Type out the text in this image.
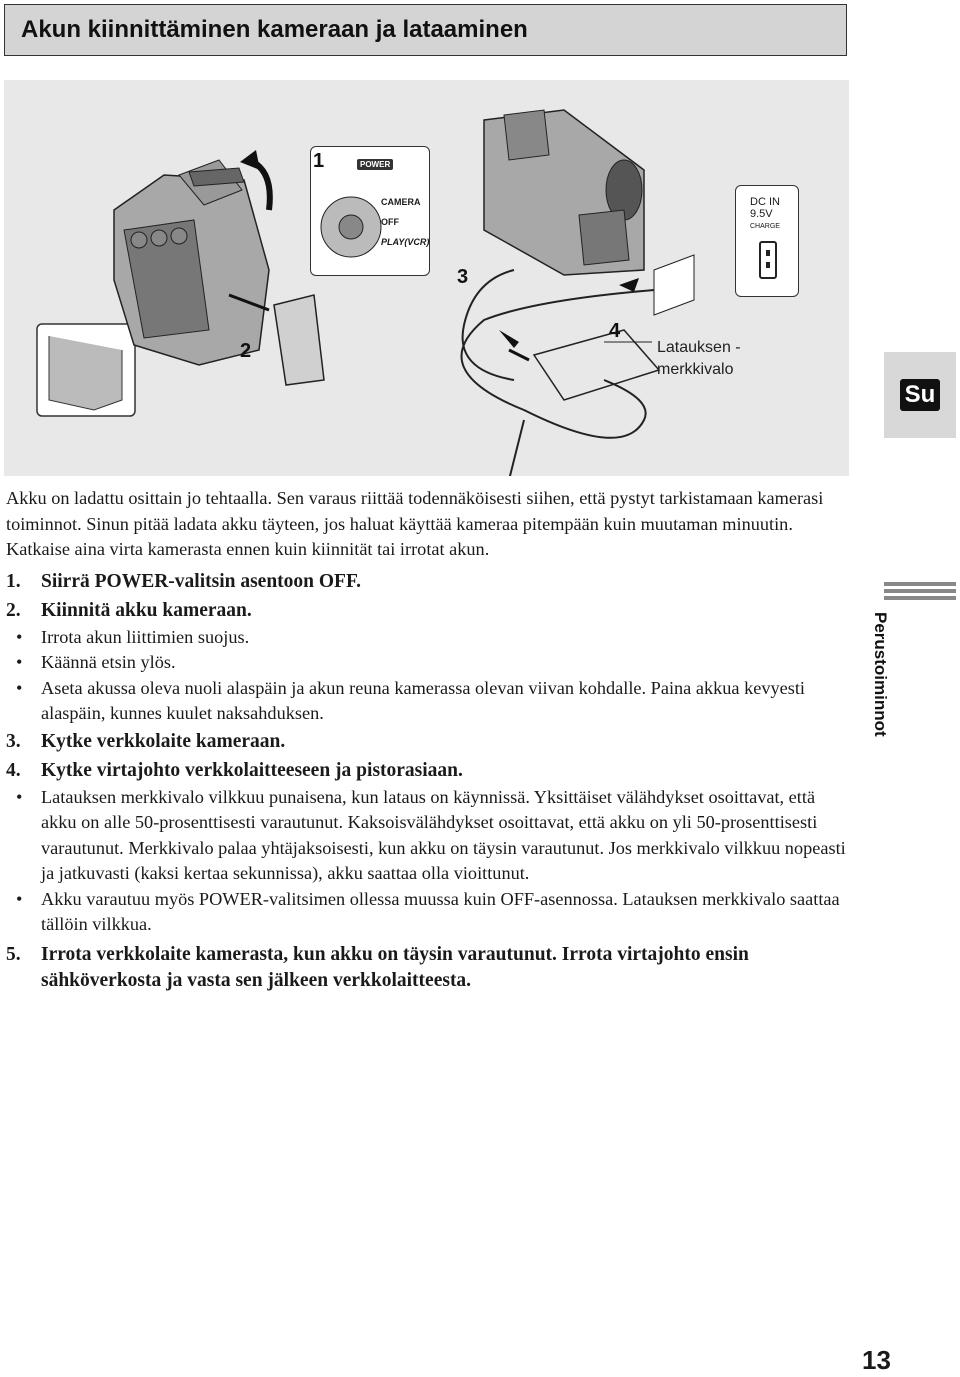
Akun kiinnittäminen kameraan ja lataaminen
POWER
CAMERA
OFF
PLAY(VCR)
DC IN
9.5V
CHARGE
1
2
3
4
Latauksen - merkkivalo
Su
Perustoiminnot

Akku on ladattu osittain jo tehtaalla. Sen varaus riittää todennäköisesti siihen, että pystyt tarkistamaan kamerasi toiminnot. Sinun pitää ladata akku täyteen, jos haluat käyttää kameraa pitempään kuin muutaman minuutin.

Katkaise aina virta kamerasta ennen kuin kiinnität tai irrotat akun.

1.	Siirrä POWER-valitsin asentoon OFF.
2.	Kiinnitä akku kameraan.
•	Irrota akun liittimien suojus.
•	Käännä etsin ylös.
•	Aseta akussa oleva nuoli alaspäin ja akun reuna kamerassa olevan viivan kohdalle. Paina akkua kevyesti alaspäin, kunnes kuulet naksahduksen.
3.	Kytke verkkolaite kameraan.
4.	Kytke virtajohto verkkolaitteeseen ja pistorasiaan.
•	Latauksen merkkivalo vilkkuu punaisena, kun lataus on käynnissä. Yksittäiset välähdykset osoittavat, että akku on alle 50-prosenttisesti varautunut. Kaksoisvälähdykset osoittavat, että akku on yli 50-prosenttisesti varautunut. Merkkivalo palaa yhtäjaksoisesti, kun akku on täysin varautunut. Jos merkkivalo vilkkuu nopeasti ja jatkuvasti (kaksi kertaa sekunnissa), akku saattaa olla vioittunut.
•	Akku varautuu myös POWER-valitsimen ollessa muussa kuin OFF-asennossa. Latauksen merkkivalo saattaa tällöin vilkkua.
5.	Irrota verkkolaite kamerasta, kun akku on täysin varautunut. Irrota virtajohto ensin sähköverkosta ja vasta sen jälkeen verkkolaitteesta.
13
